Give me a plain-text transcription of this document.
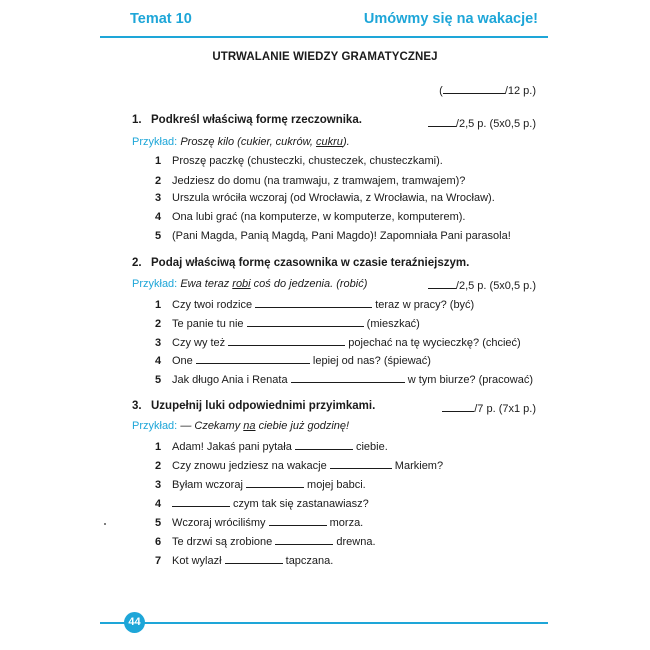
Temat 10	Umówmy się na wakacje!
UTRWALANIE WIEDZY GRAMATYCZNEJ
(	/12 p.)
1. Podkreśl właściwą formę rzeczownika.	/2,5 p. (5x0,5 p.)
Przykład: Proszę kilo (cukier, cukrów, cukru).
1 Proszę paczkę (chusteczki, chusteczek, chusteczkami).
2 Jedziesz do domu (na tramwaju, z tramwajem, tramwajem)?
3 Urszula wróciła wczoraj (od Wrocławia, z Wrocławia, na Wrocław).
4 Ona lubi grać (na komputerze, w komputerze, komputerem).
5 (Pani Magda, Panią Magdą, Pani Magdo)! Zapomniała Pani parasola!
2. Podaj właściwą formę czasownika w czasie teraźniejszym.
/2,5 p. (5x0,5 p.)
Przykład: Ewa teraz robi coś do jedzenia. (robić)
1 Czy twoi rodzice	teraz w pracy? (być)
2 Te panie tu nie	(mieszkać)
3 Czy wy też	pojechać na tę wycieczkę? (chcieć)
4 One	lepiej od nas? (śpiewać)
5 Jak długo Ania i Renata	w tym biurze? (pracować)
3. Uzupełnij luki odpowiednimi przyimkami.	/7 p. (7x1 p.)
Przykład: — Czekamy na ciebie już godzinę!
1 Adam! Jakaś pani pytała	ciebie.
2 Czy znowu jedziesz na wakacje	Markiem?
3 Byłam wczoraj	mojej babci.
4	czym tak się zastanawiasz?
5 Wczoraj wróciliśmy	morza.
6 Te drzwi są zrobione	drewna.
7 Kot wylazł	tapczana.
44
